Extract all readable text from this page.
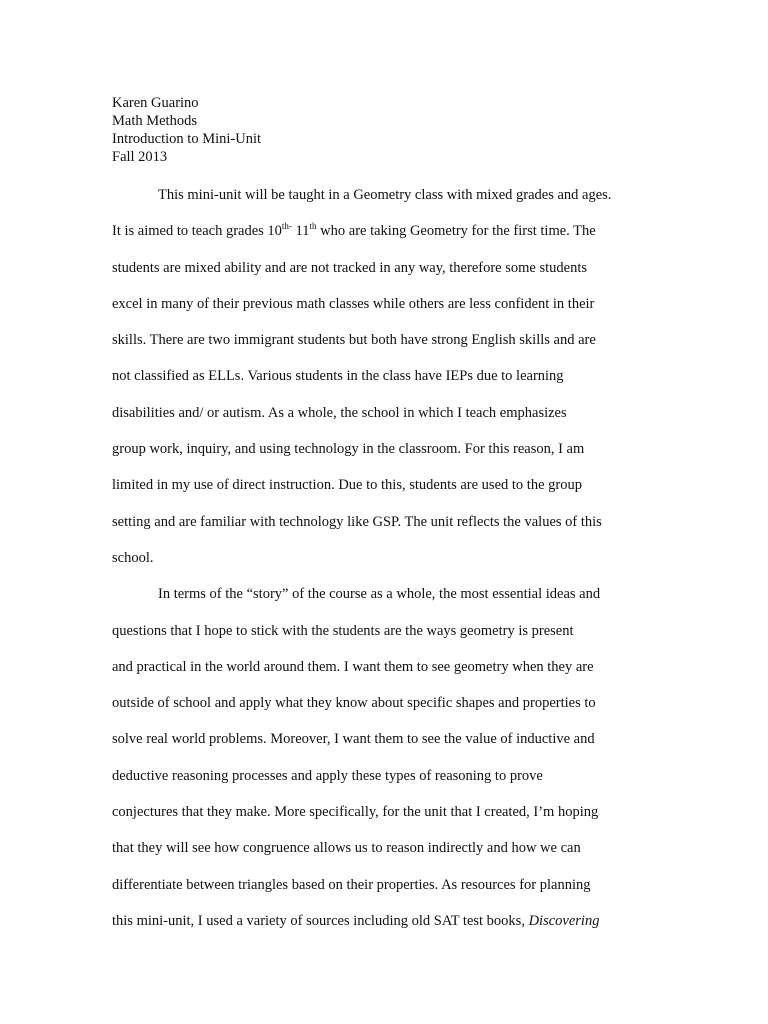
Karen Guarino
Math Methods
Introduction to Mini-Unit
Fall 2013
This mini-unit will be taught in a Geometry class with mixed grades and ages.
It is aimed to teach grades $10^{th-}$ 11th who are taking Geometry for the first time. The
students are mixed ability and are not tracked in any way, therefore some students
excel in many of their previous math classes while others are less confident in their
skills. There are two immigrant students but both have strong English skills and are
not classified as ELLs. Various students in the class have IEPs due to learning
disabilities and/ or autism. As a whole, the school in which I teach emphasizes
group work, inquiry, and using technology in the classroom. For this reason, I am
limited in my use of direct instruction. Due to this, students are used to the group
setting and are familiar with technology like GSP. The unit reflects the values of this
school.
In terms of the “story” of the course as a whole, the most essential ideas and
questions that I hope to stick with the students are the ways geometry is present
and practical in the world around them. I want them to see geometry when they are
outside of school and apply what they know about specific shapes and properties to
solve real world problems. Moreover, I want them to see the value of inductive and
deductive reasoning processes and apply these types of reasoning to prove
conjectures that they make. More specifically, for the unit that I created, I’m hoping
that they will see how congruence allows us to reason indirectly and how we can
differentiate between triangles based on their properties. As resources for planning
this mini-unit, I used a variety of sources including old SAT test books, Discovering
